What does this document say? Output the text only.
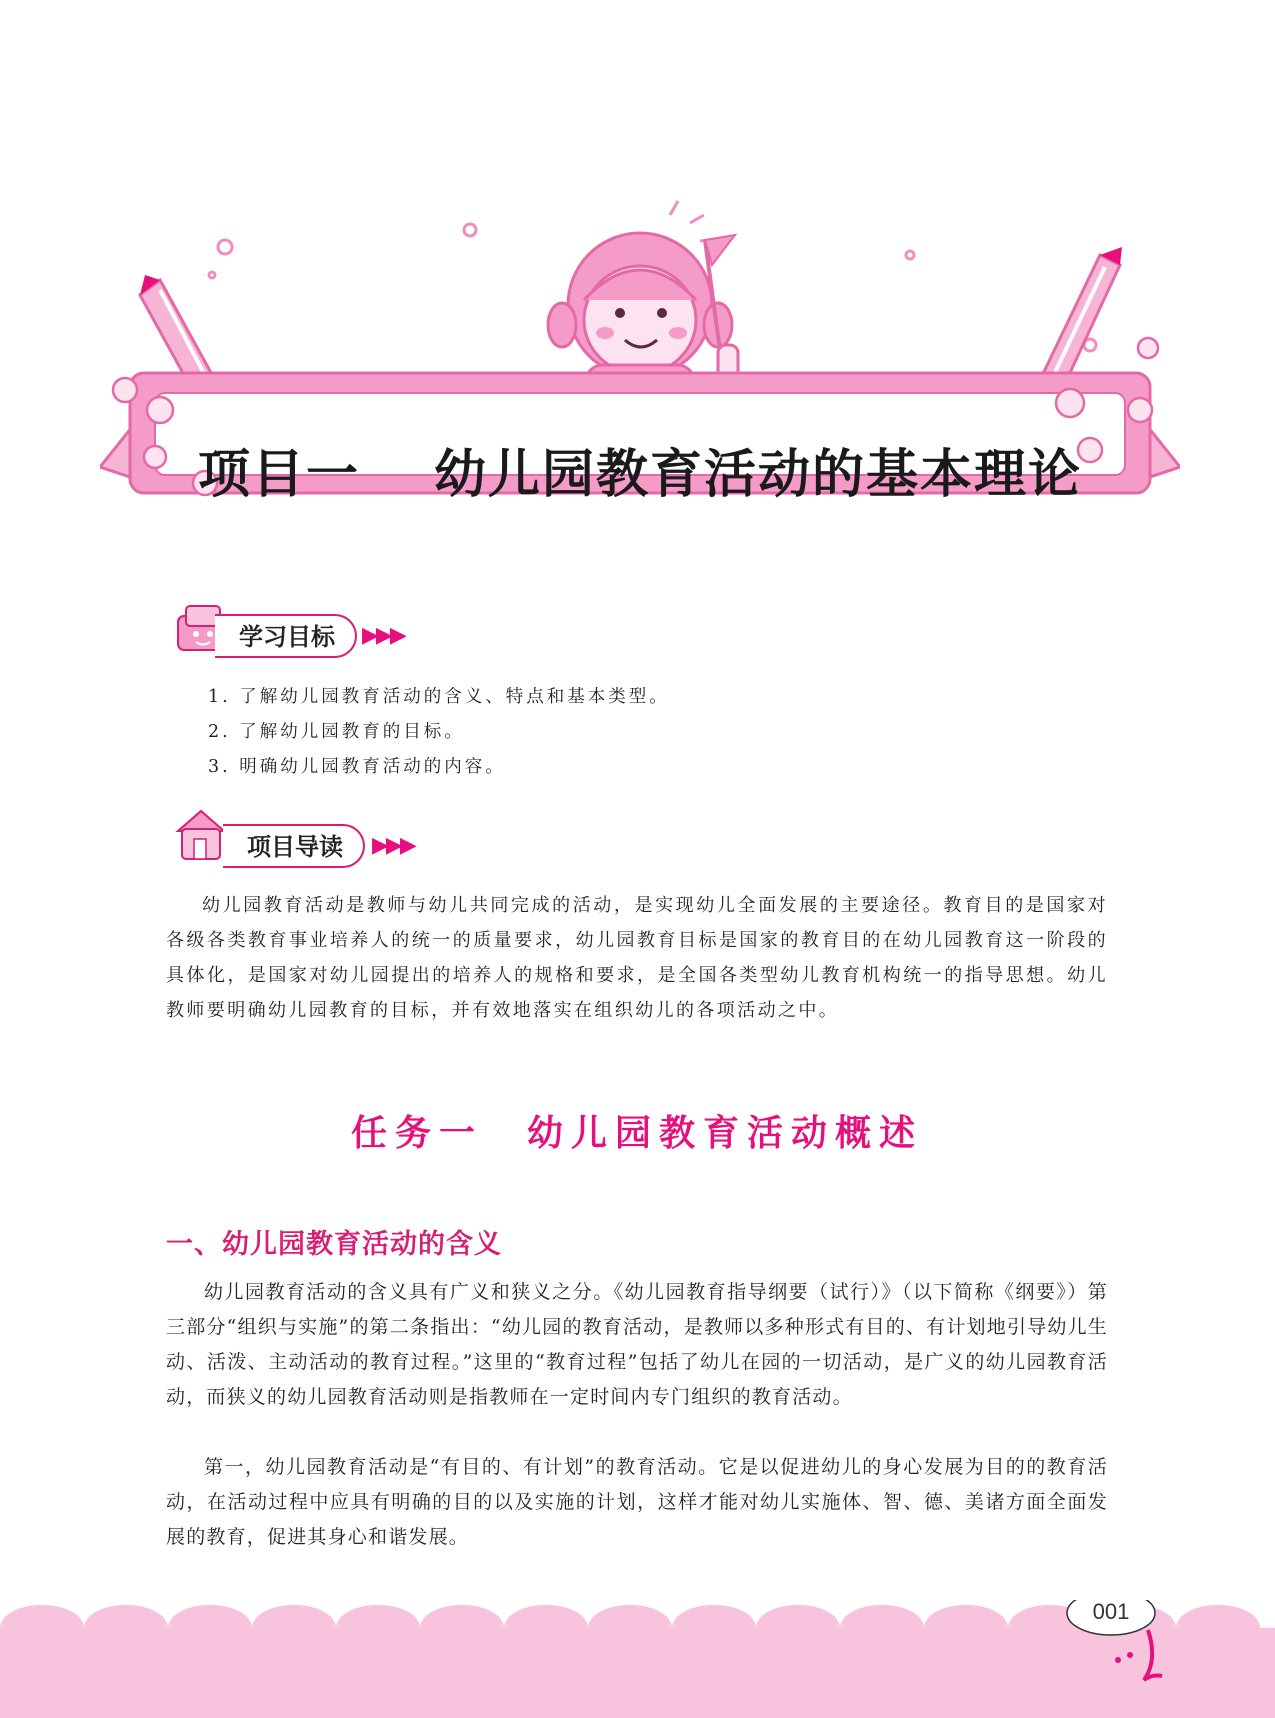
项目一　 幼儿园教育活动的基本理论
学习目标	▶▶▶
1. 了解幼儿园教育活动的含义、特点和基本类型。
2. 了解幼儿园教育的目标。
3. 明确幼儿园教育活动的内容。
项目导读	▶▶▶

幼儿园教育活动是教师与幼儿共同完成的活动，是实现幼儿全面发展的主要途径。教育目的是国家对各级各类教育事业培养人的统一的质量要求，幼儿园教育目标是国家的教育目的在幼儿园教育这一阶段的具体化，是国家对幼儿园提出的培养人的规格和要求，是全国各类型幼儿教育机构统一的指导思想。幼儿教师要明确幼儿园教育的目标，并有效地落实在组织幼儿的各项活动之中。

任务一　幼儿园教育活动概述
一、幼儿园教育活动的含义

幼儿园教育活动的含义具有广义和狭义之分。《幼儿园教育指导纲要（试行）》（以下简称《纲要》）第三部分“组织与实施”的第二条指出：“幼儿园的教育活动，是教师以多种形式有目的、有计划地引导幼儿生动、活泼、主动活动的教育过程。”这里的“教育过程”包括了幼儿在园的一切活动，是广义的幼儿园教育活动，而狭义的幼儿园教育活动则是指教师在一定时间内专门组织的教育活动。

第一，幼儿园教育活动是“有目的、有计划”的教育活动。它是以促进幼儿的身心发展为目的的教育活动，在活动过程中应具有明确的目的以及实施的计划，这样才能对幼儿实施体、智、德、美诸方面全面发展的教育，促进其身心和谐发展。

001
